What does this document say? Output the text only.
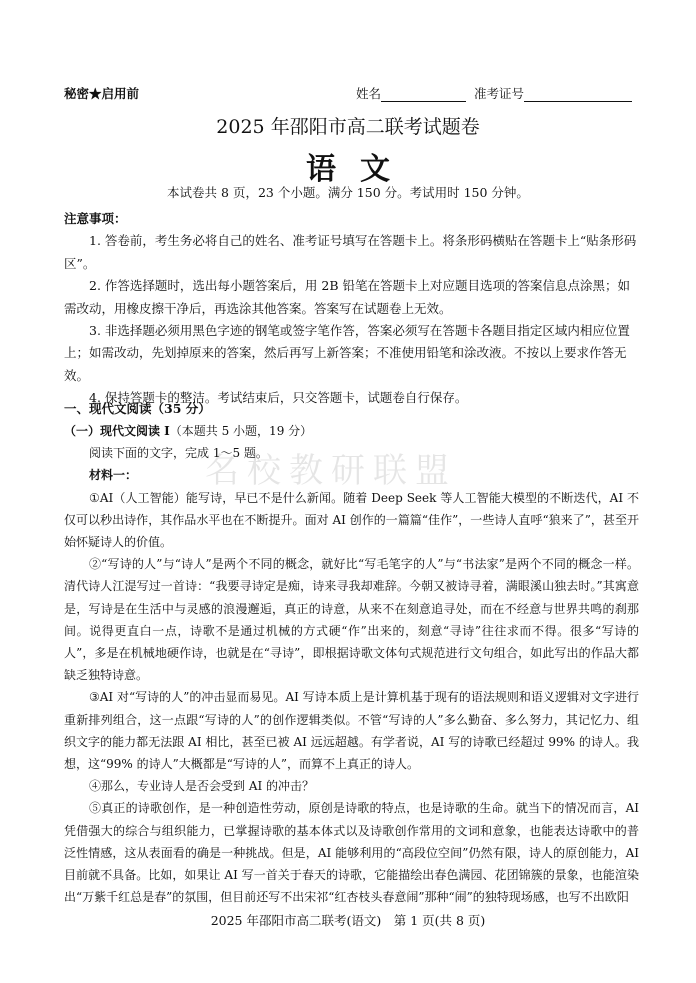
秘密★启用前	姓名	准考证号
2025 年邵阳市高二联考试题卷
语文
本试卷共 8 页，23 个小题。满分 150 分。考试用时 150 分钟。

注意事项：

1. 答卷前，考生务必将自己的姓名、准考证号填写在答题卡上。将条形码横贴在答题卡上“贴条形码区”。

2. 作答选择题时，选出每小题答案后，用 2B 铅笔在答题卡上对应题目选项的答案信息点涂黑；如需改动，用橡皮擦干净后，再选涂其他答案。答案写在试题卷上无效。

3. 非选择题必须用黑色字迹的钢笔或签字笔作答，答案必须写在答题卡各题目指定区域内相应位置上；如需改动，先划掉原来的答案，然后再写上新答案；不准使用铅笔和涂改液。不按以上要求作答无效。

4. 保持答题卡的整洁。考试结束后，只交答题卡，试题卷自行保存。

一、现代文阅读（35 分）

名校教研联盟

（一）现代文阅读 I（本题共 5 小题，19 分）

阅读下面的文字，完成 1～5 题。

材料一：

①AI（人工智能）能写诗，早已不是什么新闻。随着 Deep Seek 等人工智能大模型的不断迭代，AI 不仅可以秒出诗作，其作品水平也在不断提升。面对 AI 创作的一篇篇“佳作”，一些诗人直呼“狼来了”，甚至开始怀疑诗人的价值。

②“写诗的人”与“诗人”是两个不同的概念，就好比“写毛笔字的人”与“书法家”是两个不同的概念一样。清代诗人江湜写过一首诗：“我要寻诗定是痴，诗来寻我却难辞。今朝又被诗寻着，满眼溪山独去时。”其寓意是，写诗是在生活中与灵感的浪漫邂逅，真正的诗意，从来不在刻意追寻处，而在不经意与世界共鸣的刹那间。说得更直白一点，诗歌不是通过机械的方式硬“作”出来的，刻意“寻诗”往往求而不得。很多“写诗的人”，多是在机械地硬作诗，也就是在“寻诗”，即根据诗歌文体句式规范进行文句组合，如此写出的作品大都缺乏独特诗意。

③AI 对“写诗的人”的冲击显而易见。AI 写诗本质上是计算机基于现有的语法规则和语义逻辑对文字进行重新排列组合，这一点跟“写诗的人”的创作逻辑类似。不管“写诗的人”多么勤奋、多么努力，其记忆力、组织文字的能力都无法跟 AI 相比，甚至已被 AI 远远超越。有学者说，AI 写的诗歌已经超过 99% 的诗人。我想，这“99% 的诗人”大概都是“写诗的人”，而算不上真正的诗人。

④那么，专业诗人是否会受到 AI 的冲击？

⑤真正的诗歌创作，是一种创造性劳动，原创是诗歌的特点，也是诗歌的生命。就当下的情况而言，AI 凭借强大的综合与组织能力，已掌握诗歌的基本体式以及诗歌创作常用的文词和意象，也能表达诗歌中的普泛性情感，这从表面看的确是一种挑战。但是，AI 能够利用的“高段位空间”仍然有限，诗人的原创能力，AI 目前就不具备。比如，如果让 AI 写一首关于春天的诗歌，它能描绘出春色满园、花团锦簇的景象，也能渲染出“万紫千红总是春”的氛围，但目前还写不出宋祁“红杏枝头春意闹”那种“闹”的独特现场感，也写不出欧阳

2025 年邵阳市高二联考(语文)　第 1 页(共 8 页)
